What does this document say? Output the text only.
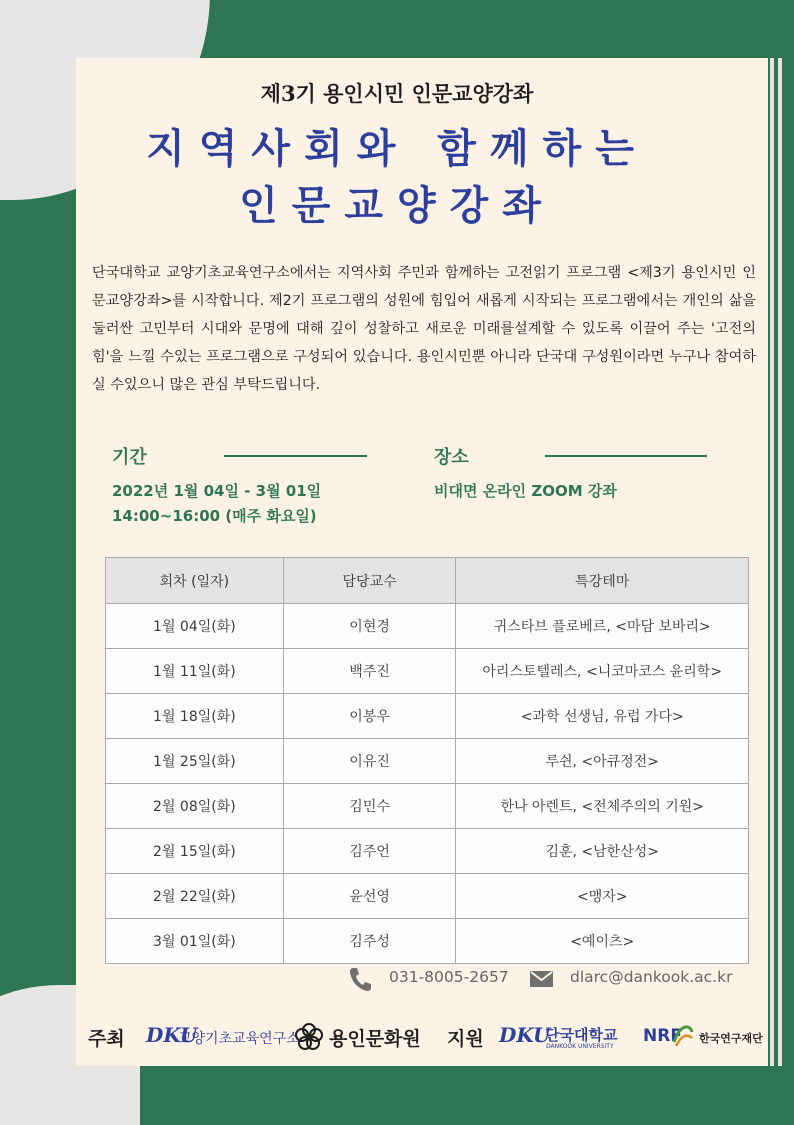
제3기 용인시민 인문교양강좌
지역사회와 함께하는
인문교양강좌
단국대학교 교양기초교육연구소에서는 지역사회 주민과 함께하는 고전읽기 프로그램 <제3기 용인시민 인문교양강좌>를 시작합니다. 제2기 프로그램의 성원에 힘입어 새롭게 시작되는 프로그램에서는 개인의 삶을 둘러싼 고민부터 시대와 문명에 대해 깊이 성찰하고 새로운 미래를설계할 수 있도록 이끌어 주는 '고전의 힘'을 느낄 수있는 프로그램으로 구성되어 있습니다. 용인시민뿐 아니라 단국대 구성원이라면 누구나 참여하실 수있으니 많은 관심 부탁드립니다.
기간
2022년 1월 04일 - 3월 01일
14:00~16:00 (매주 화요일)
장소
비대면 온라인 ZOOM 강좌
회차 (일자)	담당교수	특강테마
1월 04일(화)	이현경	귀스타브 플로베르, <마담 보바리>
1월 11일(화)	백주진	아리스토텔레스, <니코마코스 윤리학>
1월 18일(화)	이봉우	<과학 선생님, 유럽 가다>
1월 25일(화)	이유진	루쉰, <아큐정전>
2월 08일(화)	김민수	한나 아렌트, <전체주의의 기원>
2월 15일(화)	김주언	김훈, <남한산성>
2월 22일(화)	윤선영	<맹자>
3월 01일(화)	김주성	<예이츠>
031-8005-2657	dlarc@dankook.ac.kr
주최 DKU
교양기초교육연구소 용인문화원 지원 DKU
단국대학교
DANKOOK UNIVERSITY
NRF 한국연구재단
